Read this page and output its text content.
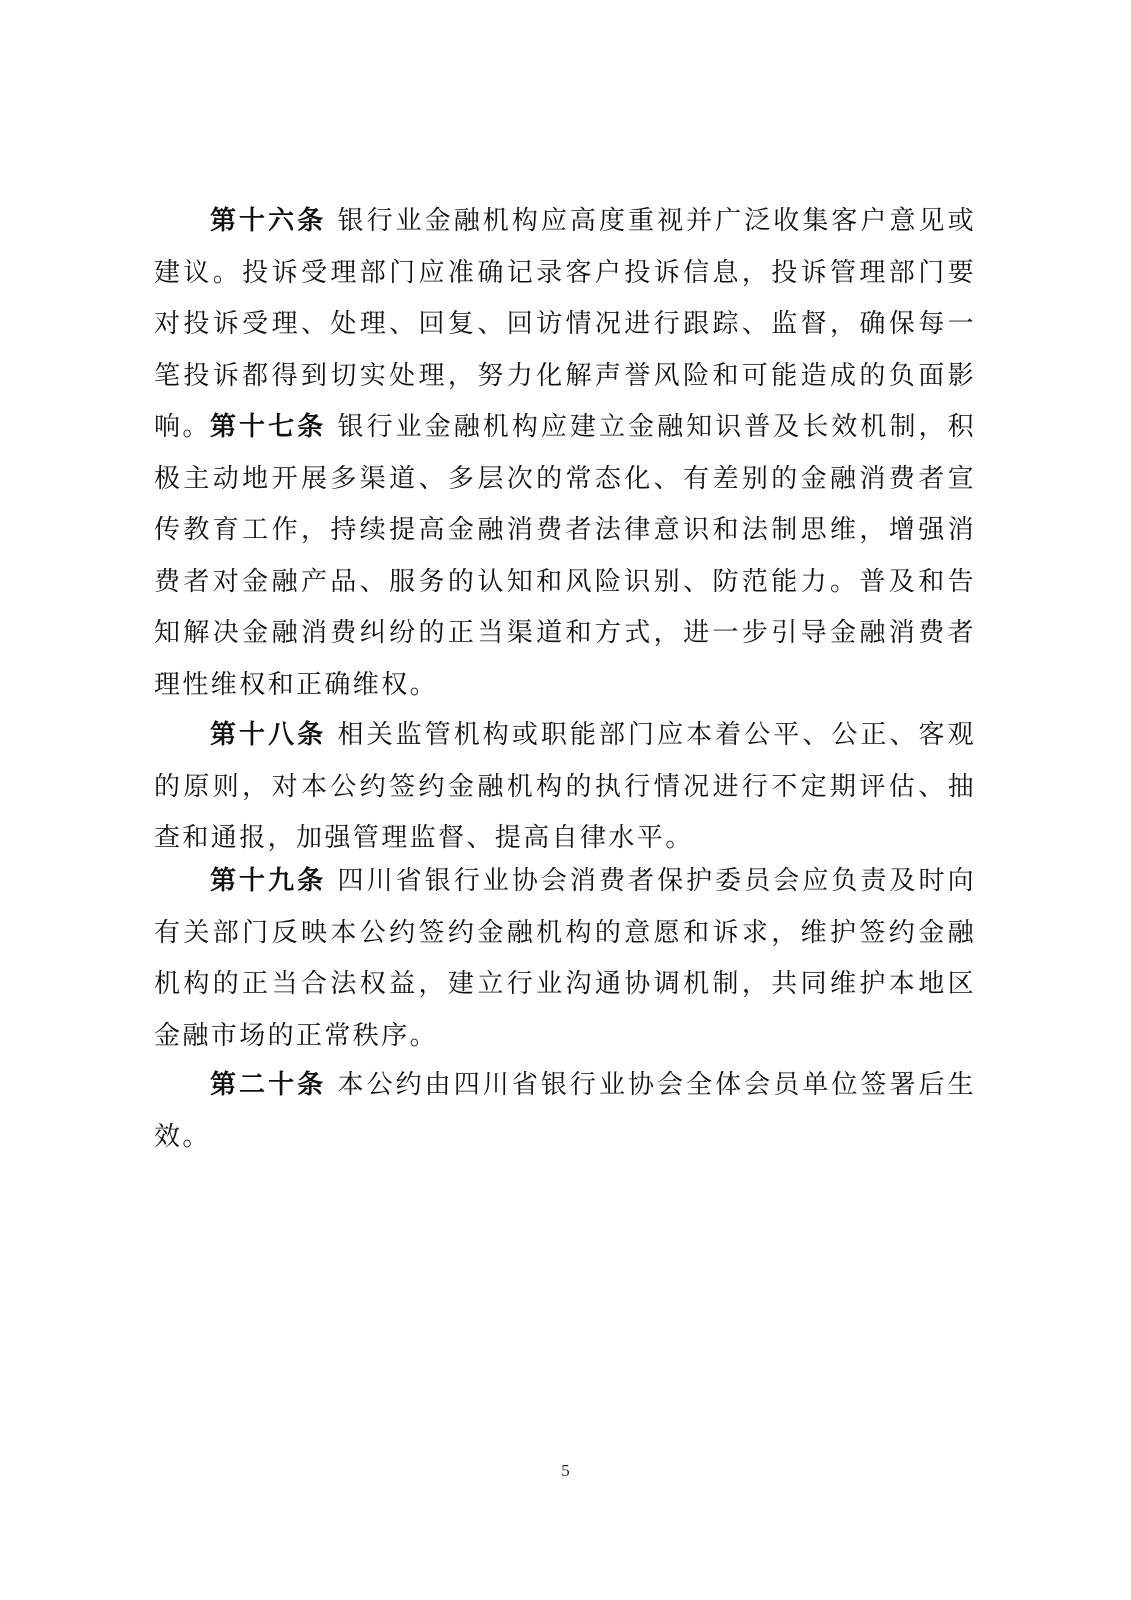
第十六条 银行业金融机构应高度重视并广泛收集客户意见或建议。投诉受理部门应准确记录客户投诉信息，投诉管理部门要对投诉受理、处理、回复、回访情况进行跟踪、监督，确保每一笔投诉都得到切实处理，努力化解声誉风险和可能造成的负面影响。 第十七条 银行业金融机构应建立金融知识普及长效机制，积极主动地开展多渠道、多层次的常态化、有差别的金融消费者宣传教育工作，持续提高金融消费者法律意识和法制思维，增强消费者对金融产品、服务的认知和风险识别、防范能力。普及和告知解决金融消费纠纷的正当渠道和方式，进一步引导金融消费者理性维权和正确维权。

第十八条 相关监管机构或职能部门应本着公平、公正、客观的原则，对本公约签约金融机构的执行情况进行不定期评估、抽查和通报，加强管理监督、提高自律水平。

第十九条 四川省银行业协会消费者保护委员会应负责及时向有关部门反映本公约签约金融机构的意愿和诉求，维护签约金融机构的正当合法权益，建立行业沟通协调机制，共同维护本地区金融市场的正常秩序。

第二十条 本公约由四川省银行业协会全体会员单位签署后生效。

5
